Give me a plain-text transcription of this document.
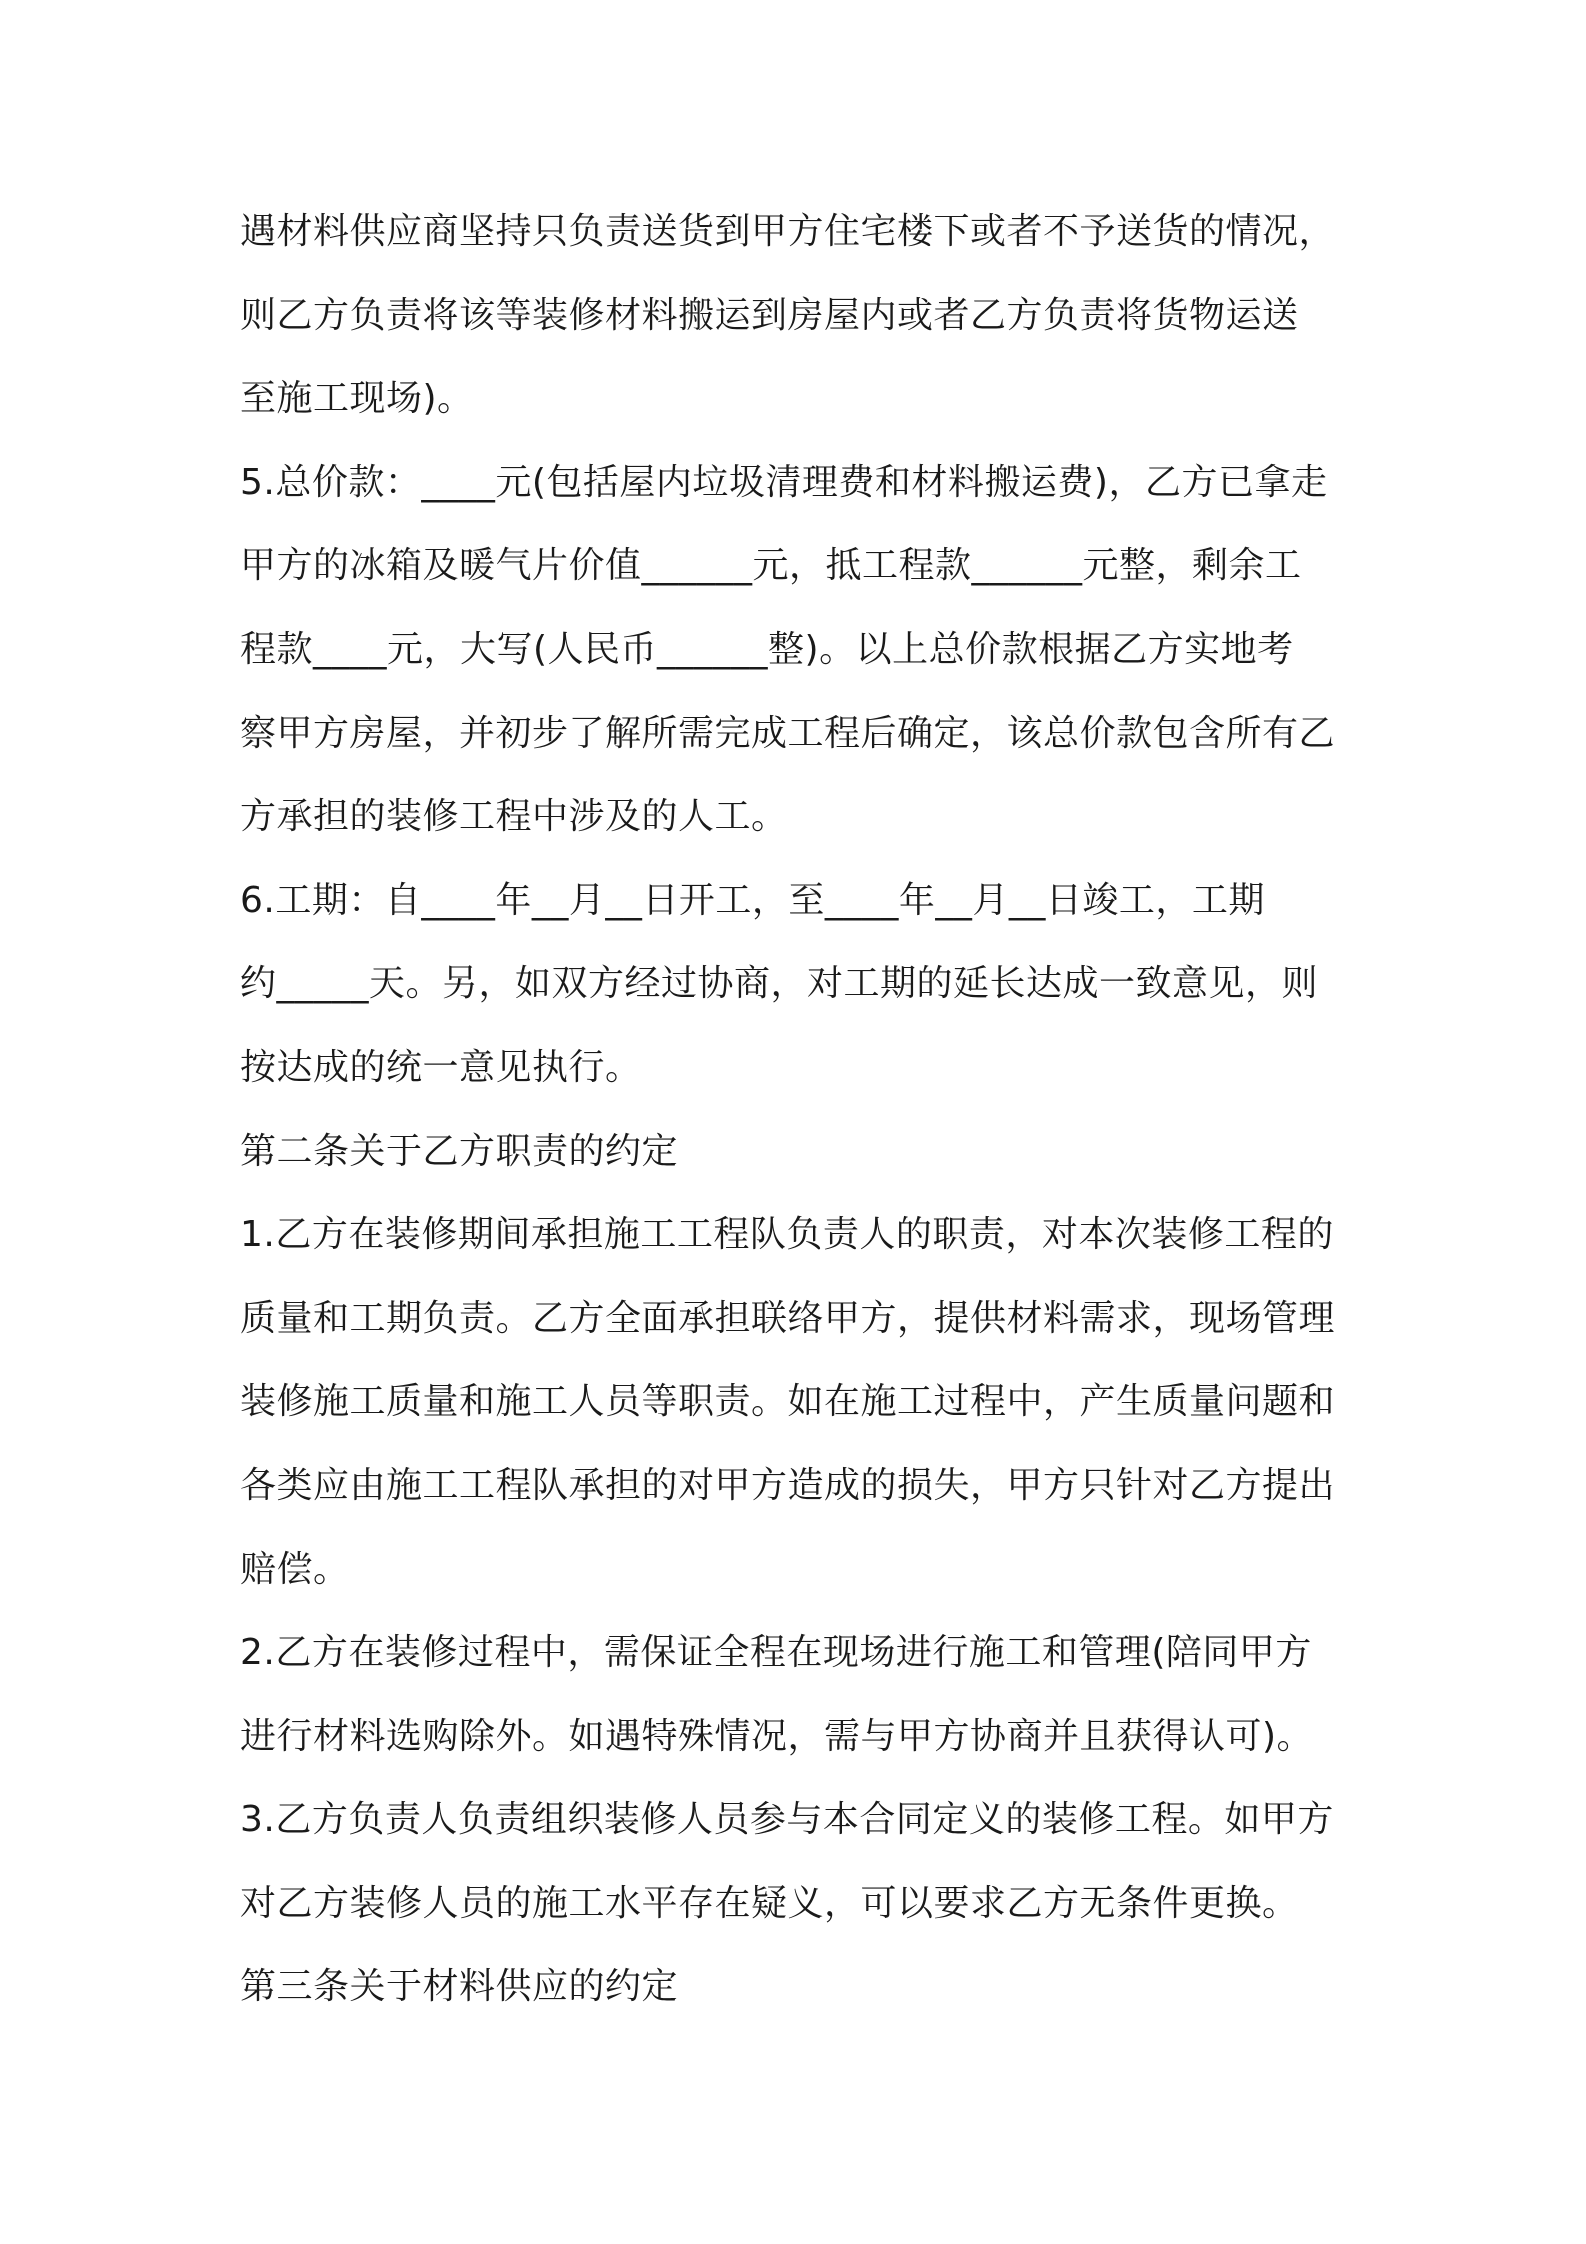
遇材料供应商坚持只负责送货到甲方住宅楼下或者不予送货的情况，
则乙方负责将该等装修材料搬运到房屋内或者乙方负责将货物运送
至施工现场)。
5.总价款：____元(包括屋内垃圾清理费和材料搬运费)，乙方已拿走
甲方的冰箱及暖气片价值______元，抵工程款______元整，剩余工
程款____元，大写(人民币______整)。以上总价款根据乙方实地考
察甲方房屋，并初步了解所需完成工程后确定，该总价款包含所有乙
方承担的装修工程中涉及的人工。
6.工期：自____年__月__日开工，至____年__月__日竣工，工期
约_____天。另，如双方经过协商，对工期的延长达成一致意见，则
按达成的统一意见执行。
第二条关于乙方职责的约定
1.乙方在装修期间承担施工工程队负责人的职责，对本次装修工程的
质量和工期负责。乙方全面承担联络甲方，提供材料需求，现场管理
装修施工质量和施工人员等职责。如在施工过程中，产生质量问题和
各类应由施工工程队承担的对甲方造成的损失，甲方只针对乙方提出
赔偿。
2.乙方在装修过程中，需保证全程在现场进行施工和管理(陪同甲方
进行材料选购除外。如遇特殊情况，需与甲方协商并且获得认可)。
3.乙方负责人负责组织装修人员参与本合同定义的装修工程。如甲方
对乙方装修人员的施工水平存在疑义，可以要求乙方无条件更换。
第三条关于材料供应的约定
